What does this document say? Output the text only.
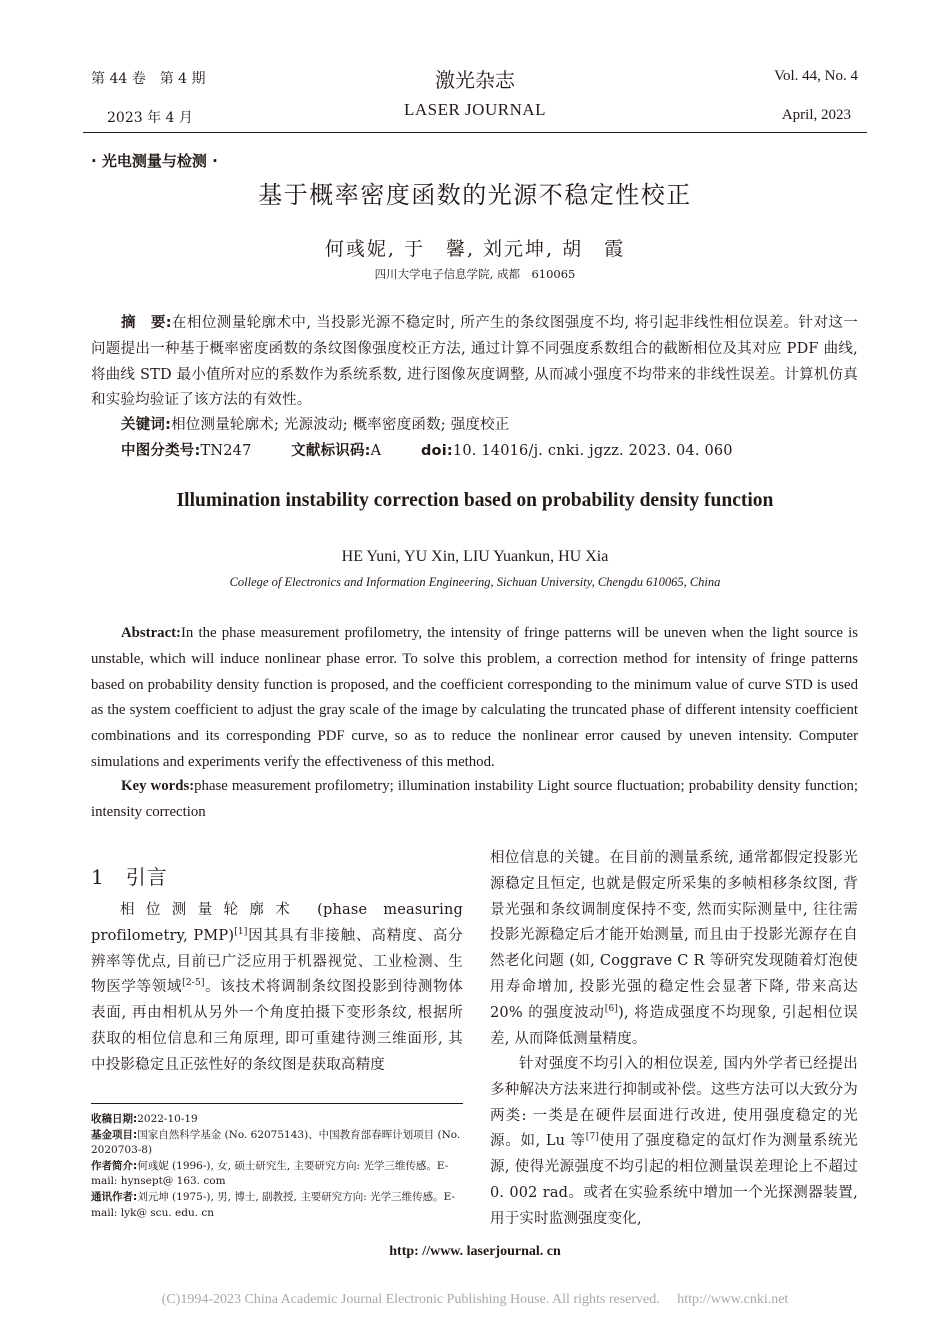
第 44 卷　第 4 期
2023 年 4 月
激光杂志
LASER JOURNAL
Vol. 44, No. 4
April, 2023
· 光电测量与检测 ·
基于概率密度函数的光源不稳定性校正
何彧妮, 于　馨, 刘元坤, 胡　霞
四川大学电子信息学院, 成都　610065
摘　要:在相位测量轮廓术中, 当投影光源不稳定时, 所产生的条纹图强度不均, 将引起非线性相位误差。针对这一问题提出一种基于概率密度函数的条纹图像强度校正方法, 通过计算不同强度系数组合的截断相位及其对应 PDF 曲线, 将曲线 STD 最小值所对应的系数作为系统系数, 进行图像灰度调整, 从而减小强度不均带来的非线性误差。计算机仿真和实验均验证了该方法的有效性。
关键词:相位测量轮廓术; 光源波动; 概率密度函数; 强度校正
中图分类号:TN247	文献标识码:A	doi:10. 14016/j. cnki. jgzz. 2023. 04. 060
Illumination instability correction based on probability density function
HE Yuni, YU Xin, LIU Yuankun, HU Xia
College of Electronics and Information Engineering, Sichuan University, Chengdu 610065, China
Abstract:In the phase measurement profilometry, the intensity of fringe patterns will be uneven when the light source is unstable, which will induce nonlinear phase error. To solve this problem, a correction method for intensity of fringe patterns based on probability density function is proposed, and the coefficient corresponding to the minimum value of curve STD is used as the system coefficient to adjust the gray scale of the image by calculating the truncated phase of different intensity coefficient combinations and its corresponding PDF curve, so as to reduce the nonlinear error caused by uneven intensity. Computer simulations and experiments verify the effectiveness of this method.
Key words:phase measurement profilometry; illumination instability Light source fluctuation; probability density function; intensity correction
1　引言
相位测量轮廓术 (phase measuring profilometry, PMP)[1]因其具有非接触、高精度、高分辨率等优点, 目前已广泛应用于机器视觉、工业检测、生物医学等领域[2-5]。该技术将调制条纹图投影到待测物体表面, 再由相机从另外一个角度拍摄下变形条纹, 根据所获取的相位信息和三角原理, 即可重建待测三维面形, 其中投影稳定且正弦性好的条纹图是获取高精度
收稿日期:2022-10-19
基金项目:国家自然科学基金 (No. 62075143)、中国教育部春晖计划项目 (No. 2020703-8)
作者简介:何彧妮 (1996-), 女, 硕士研究生, 主要研究方向: 光学三维传感。E-mail: hynsept@ 163. com
通讯作者:刘元坤 (1975-), 男, 博士, 副教授, 主要研究方向: 光学三维传感。E-mail: lyk@ scu. edu. cn
相位信息的关键。在目前的测量系统, 通常都假定投影光源稳定且恒定, 也就是假定所采集的多帧相移条纹图, 背景光强和条纹调制度保持不变, 然而实际测量中, 往往需投影光源稳定后才能开始测量, 而且由于投影光源存在自然老化问题 (如, Coggrave C R 等研究发现随着灯泡使用寿命增加, 投影光强的稳定性会显著下降, 带来高达 20% 的强度波动[6]), 将造成强度不均现象, 引起相位误差, 从而降低测量精度。
针对强度不均引入的相位误差, 国内外学者已经提出多种解决方法来进行抑制或补偿。这些方法可以大致分为两类: 一类是在硬件层面进行改进, 使用强度稳定的光源。如, Lu 等[7]使用了强度稳定的氙灯作为测量系统光源, 使得光源强度不均引起的相位测量误差理论上不超过 0. 002 rad。或者在实验系统中增加一个光探测器装置, 用于实时监测强度变化,
http: //www. laserjournal. cn
(C)1994-2023 China Academic Journal Electronic Publishing House. All rights reserved.　 http://www.cnki.net
